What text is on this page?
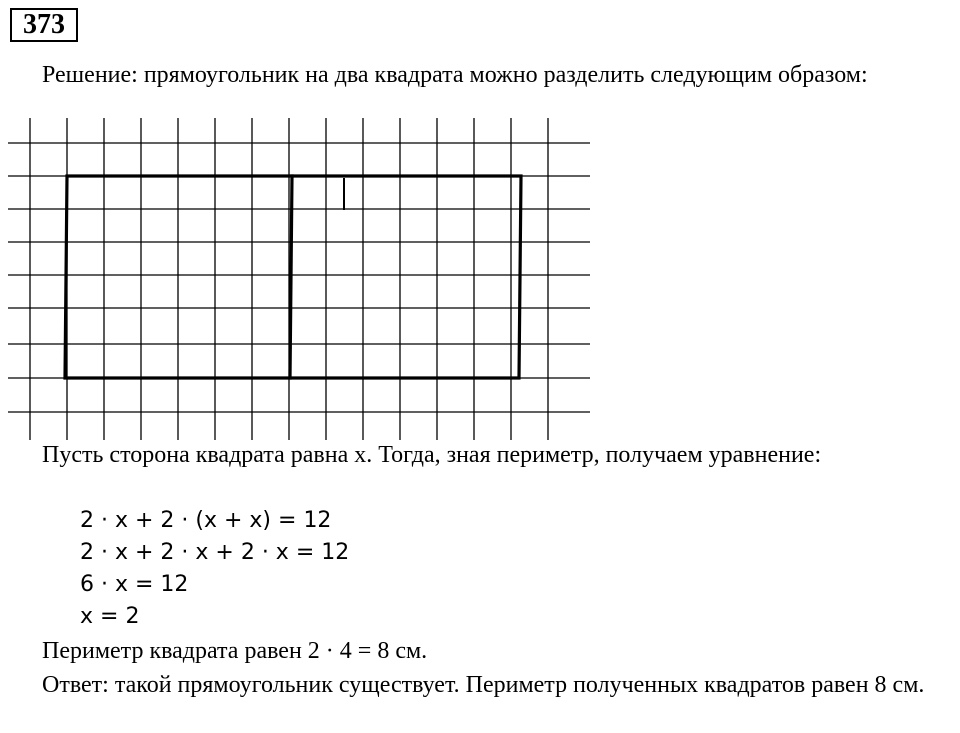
373

Решение: прямоугольник на два квадрата можно разделить следующим образом:

Пусть сторона квадрата равна x. Тогда, зная периметр, получаем уравнение:

2 · x + 2 · (x + x) = 12
2 · x + 2 · x + 2 · x = 12
6 · x = 12
x = 2

Периметр квадрата равен 2 · 4 = 8 см.

Ответ: такой прямоугольник существует. Периметр полученных квадратов равен 8 см.
